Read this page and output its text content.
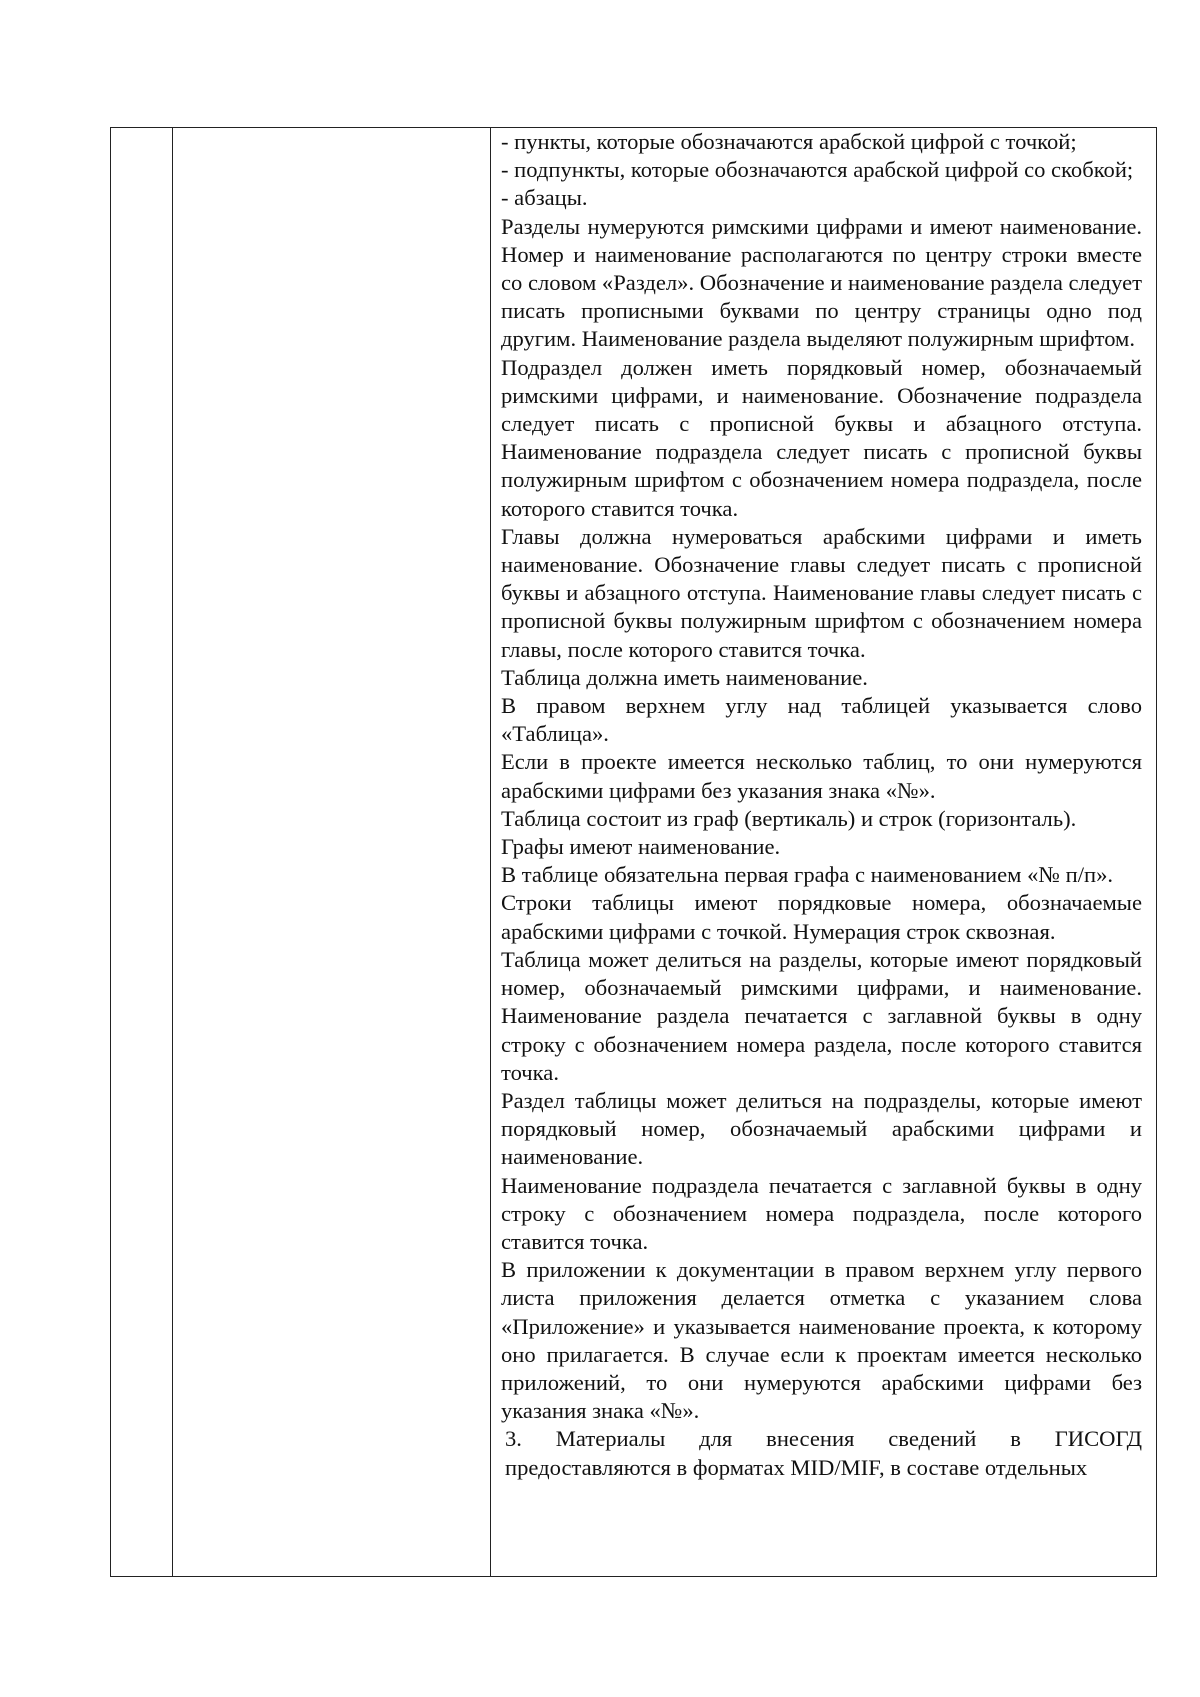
- пункты, которые обозначаются арабской цифрой с точкой;

- подпункты, которые обозначаются арабской цифрой со скобкой;

- абзацы.

Разделы нумеруются римскими цифрами и имеют наименование. Номер и наименование располагаются по центру строки вместе со словом «Раздел». Обозначение и наименование раздела следует писать прописными буквами по центру страницы одно под другим. Наименование раздела выделяют полужирным шрифтом.

Подраздел должен иметь порядковый номер, обозначаемый римскими цифрами, и наименование. Обозначение подраздела следует писать с прописной буквы и абзацного отступа. Наименование подраздела следует писать с прописной буквы полужирным шрифтом с обозначением номера подраздела, после которого ставится точка.

Главы должна нумероваться арабскими цифрами и иметь наименование. Обозначение главы следует писать с прописной буквы и абзацного отступа. Наименование главы следует писать с прописной буквы полужирным шрифтом с обозначением номера главы, после которого ставится точка.

Таблица должна иметь наименование.

В правом верхнем углу над таблицей указывается слово «Таблица».

Если в проекте имеется несколько таблиц, то они нумеруются арабскими цифрами без указания знака «№».

Таблица состоит из граф (вертикаль) и строк (горизонталь).

Графы имеют наименование.

В таблице обязательна первая графа с наименованием «№ п/п».

Строки таблицы имеют порядковые номера, обозначаемые арабскими цифрами с точкой. Нумерация строк сквозная.

Таблица может делиться на разделы, которые имеют порядковый номер, обозначаемый римскими цифрами, и наименование. Наименование раздела печатается с заглавной буквы в одну строку с обозначением номера раздела, после которого ставится точка.

Раздел таблицы может делиться на подразделы, которые имеют порядковый номер, обозначаемый арабскими цифрами и наименование.

Наименование подраздела печатается с заглавной буквы в одну строку с обозначением номера подраздела, после которого ставится точка.

В приложении к документации в правом верхнем углу первого листа приложения делается отметка с указанием слова «Приложение» и указывается наименование проекта, к которому оно прилагается. В случае если к проектам имеется несколько приложений, то они нумеруются арабскими цифрами без указания знака «№».

3. Материалы для внесения сведений в ГИСОГД предоставляются в форматах MID/MIF, в составе отдельных
